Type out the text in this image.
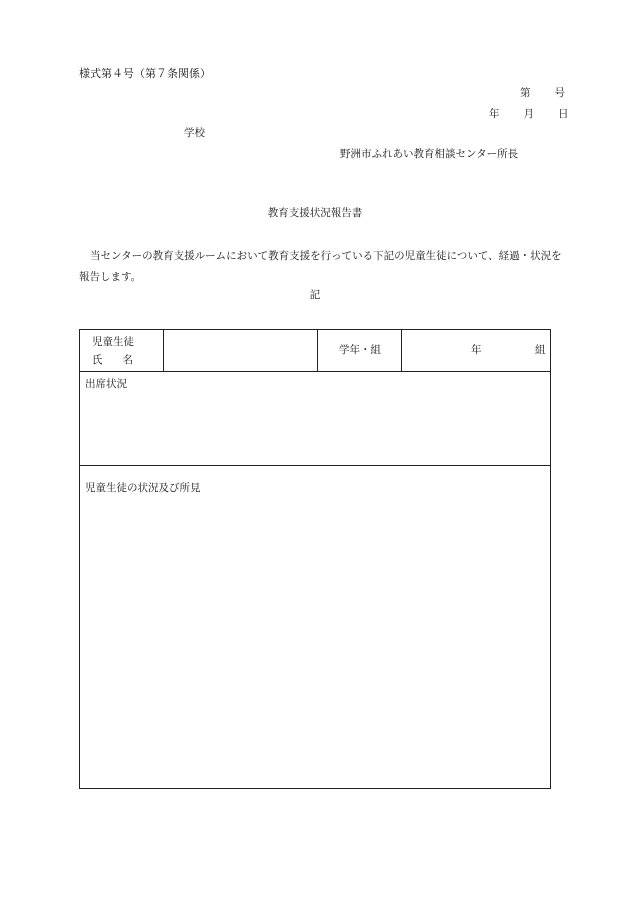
様式第４号（第７条関係）
第 号
年 月 日
学校
野洲市ふれあい教育相談センター所長
教育支援状況報告書
当センターの教育支援ルームにおいて教育支援を行っている下記の児童生徒について、経過・状況を報告します。
記
児童生徒
氏 名
学年・組	年	組
出席状況
児童生徒の状況及び所見
